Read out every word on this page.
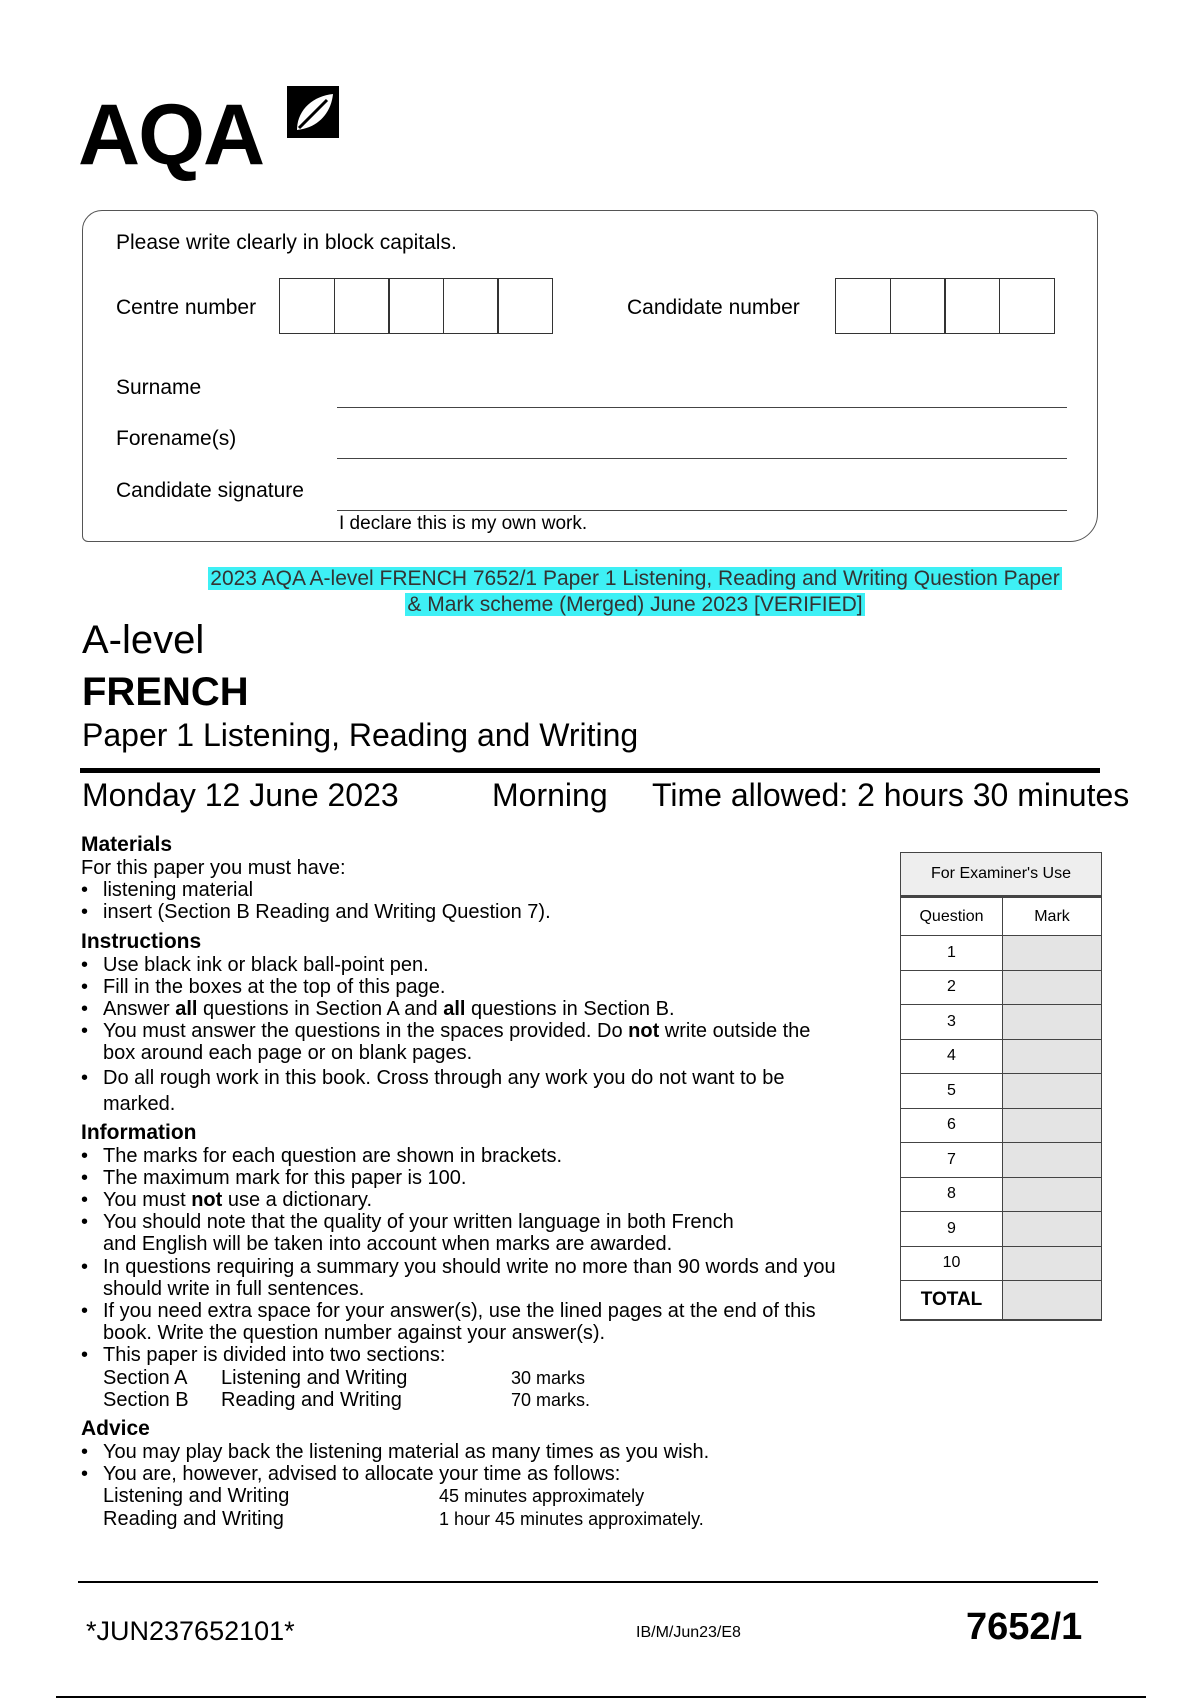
AQA
Please write clearly in block capitals.
Centre number	Candidate number
Surname
Forename(s)
Candidate signature
I declare this is my own work.
2023 AQA A-level FRENCH 7652/1 Paper 1 Listening, Reading and Writing Question Paper
& Mark scheme (Merged) June 2023 [VERIFIED]
A-level
FRENCH
Paper 1 Listening, Reading and Writing
Monday 12 June 2023	Morning Time allowed: 2 hours 30 minutes
Materials
For this paper you must have:
• listening material
• insert (Section B Reading and Writing Question 7).
Instructions
• Use black ink or black ball-point pen.
• Fill in the boxes at the top of this page.
• Answer all questions in Section A and all questions in Section B.
• You must answer the questions in the spaces provided. Do not write outside the box around each page or on blank pages.
• Do all rough work in this book. Cross through any work you do not want to be marked.
Information
• The marks for each question are shown in brackets.
• The maximum mark for this paper is 100.
• You must not use a dictionary.
• You should note that the quality of your written language in both French and English will be taken into account when marks are awarded.
• In questions requiring a summary you should write no more than 90 words and you should write in full sentences.
• If you need extra space for your answer(s), use the lined pages at the end of this book. Write the question number against your answer(s).
• This paper is divided into two sections:
Section A	Listening and Writing	30 marks
Section B	Reading and Writing	70 marks.
Advice
• You may play back the listening material as many times as you wish.
• You are, however, advised to allocate your time as follows:
Listening and Writing	45 minutes approximately
Reading and Writing	1 hour 45 minutes approximately.
For Examiner's Use
Question	Mark
1
2
3
4
5
6
7
8
9
10
TOTAL
*JUN237652101*	IB/M/Jun23/E8	7652/1
